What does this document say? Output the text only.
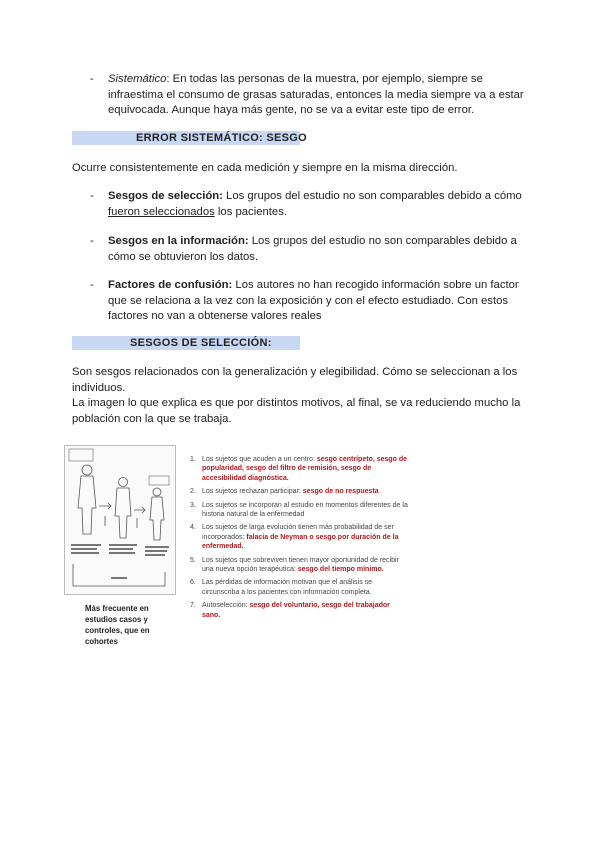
- Sistemático: En todas las personas de la muestra, por ejemplo, siempre se
infraestima el consumo de grasas saturadas, entonces la media siempre va a estar
equivocada. Aunque haya más gente, no se va a evitar este tipo de error.
ERROR SISTEMÁTICO: SESGO
Ocurre consistentemente en cada medición y siempre en la misma dirección.
- Sesgos de selección: Los grupos del estudio no son comparables debido a cómo
fueron seleccionados los pacientes.
- Sesgos en la información: Los grupos del estudio no son comparables debido a
cómo se obtuvieron los datos.
- Factores de confusión: Los autores no han recogido información sobre un factor
que se relaciona a la vez con la exposición y con el efecto estudiado. Con estos
factores no van a obtenerse valores reales
SESGOS DE SELECCIÓN:
Son sesgos relacionados con la generalización y elegibilidad. Cómo se seleccionan a los
individuos.
La imagen lo que explica es que por distintos motivos, al final, se va reduciendo mucho la
población con la que se trabaja.
Más frecuente en
estudios casos y
controles, que en
cohortes
1. Los sujetos que acuden a un centro: sesgo centrípeto, sesgo de popularidad, sesgo del filtro de remisión, sesgo de accesibilidad diagnóstica.
2. Los sujetos rechazan participar: sesgo de no respuesta
3. Los sujetos se incorporan al estudio en momentos diferentes de la historia natural de la enfermedad
4. Los sujetos de larga evolución tienen más probabilidad de ser incorporados: falacia de Neyman o sesgo por duración de la enfermedad.
5. Los sujetos que sobreviven tienen mayor oportunidad de recibir una nueva opción terapéutica: sesgo del tiempo mínimo.
6. Las pérdidas de información motivan que el análisis se circunscriba a los pacientes con información completa.
7. Autoselección: sesgo del voluntario, sesgo del trabajador sano.
